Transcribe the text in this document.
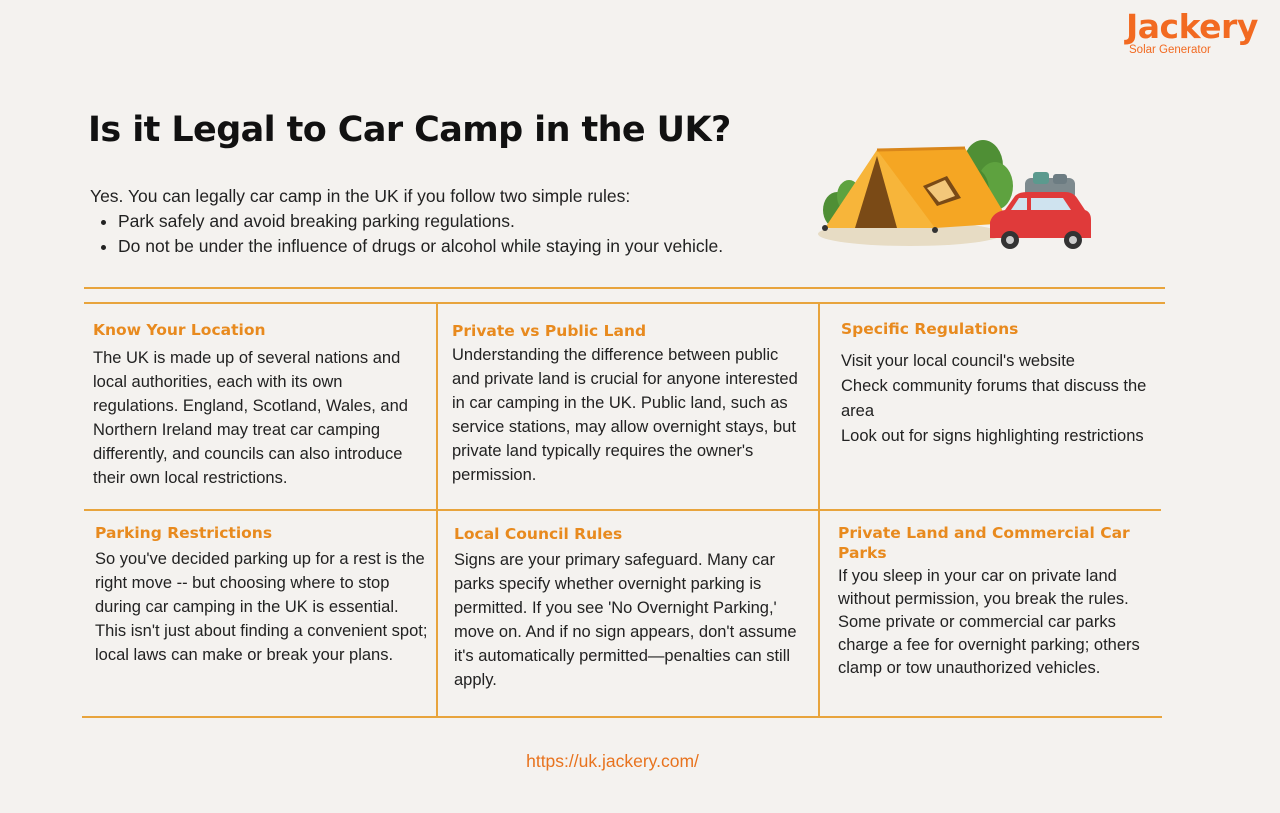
Jackery
Solar Generator
Is it Legal to Car Camp in the UK?
Yes. You can legally car camp in the UK if you follow two simple rules:
• Park safely and avoid breaking parking regulations.
• Do not be under the influence of drugs or alcohol while staying in your vehicle.
Know Your Location

The UK is made up of several nations and local authorities, each with its own regulations. England, Scotland, Wales, and Northern Ireland may treat car camping differently, and councils can also introduce their own local restrictions.

Private vs Public Land

Understanding the difference between public and private land is crucial for anyone interested in car camping in the UK. Public land, such as service stations, may allow overnight stays, but private land typically requires the owner's permission.

Specific Regulations
Visit your local council's website
Check community forums that discuss the area
Look out for signs highlighting restrictions
Parking Restrictions

So you've decided parking up for a rest is the right move -- but choosing where to stop during car camping in the UK is essential. This isn't just about finding a convenient spot; local laws can make or break your plans.

Local Council Rules

Signs are your primary safeguard. Many car parks specify whether overnight parking is permitted. If you see 'No Overnight Parking,' move on. And if no sign appears, don't assume it's automatically permitted—penalties can still apply.

Private Land and Commercial Car Parks

If you sleep in your car on private land without permission, you break the rules. Some private or commercial car parks charge a fee for overnight parking; others clamp or tow unauthorized vehicles.

https://uk.jackery.com/
